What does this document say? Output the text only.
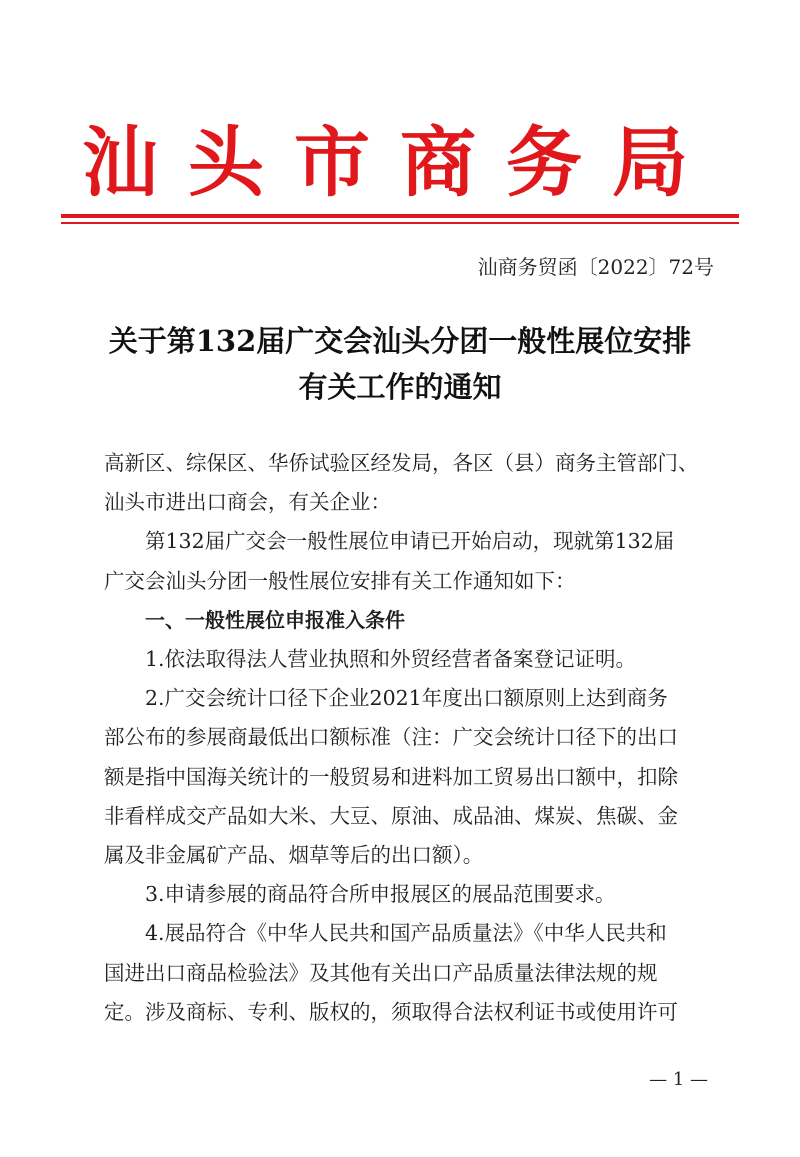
汕头市商务局
汕商务贸函〔2022〕72号
关于第132届广交会汕头分团一般性展位安排
有关工作的通知

高新区、综保区、华侨试验区经发局，各区（县）商务主管部门、

汕头市进出口商会，有关企业：

第132届广交会一般性展位申请已开始启动，现就第132届

广交会汕头分团一般性展位安排有关工作通知如下：

一、一般性展位申报准入条件

1.依法取得法人营业执照和外贸经营者备案登记证明。

2.广交会统计口径下企业2021年度出口额原则上达到商务

部公布的参展商最低出口额标准（注：广交会统计口径下的出口

额是指中国海关统计的一般贸易和进料加工贸易出口额中，扣除

非看样成交产品如大米、大豆、原油、成品油、煤炭、焦碳、金

属及非金属矿产品、烟草等后的出口额）。

3.申请参展的商品符合所申报展区的展品范围要求。

4.展品符合《中华人民共和国产品质量法》《中华人民共和

国进出口商品检验法》及其他有关出口产品质量法律法规的规

定。涉及商标、专利、版权的，须取得合法权利证书或使用许可

— 1 —
